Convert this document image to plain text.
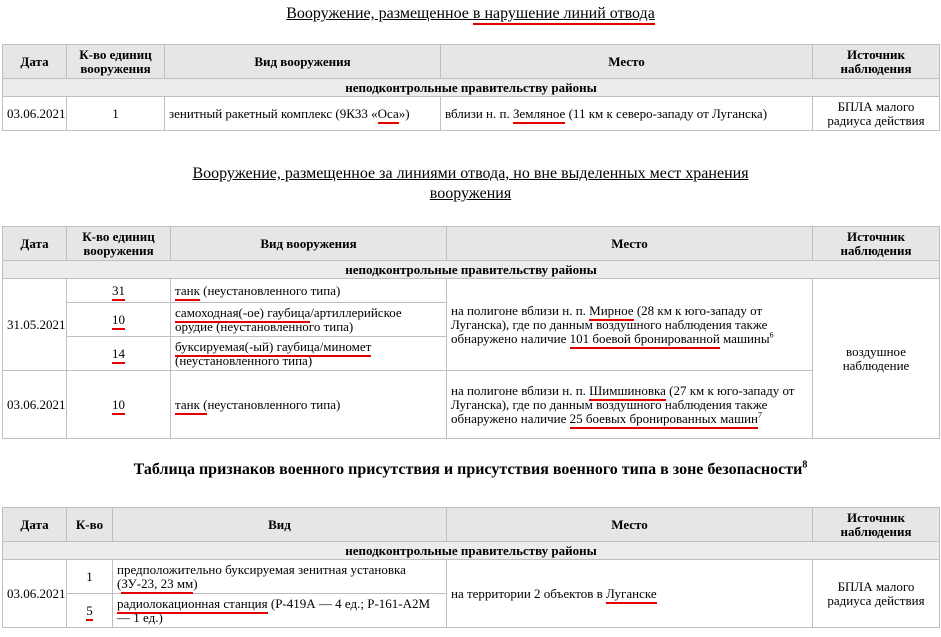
Вооружение, размещенное в нарушение линий отвода
Дата	К-во единиц вооружения	Вид вооружения	Место	Источник наблюдения
неподконтрольные правительству районы				
03.06.2021	1	зенитный ракетный комплекс (9К33 «Оса»)	вблизи н. п. Земляное (11 км к северо-западу от Луганска)	БПЛА малого радиуса действия
Вооружение, размещенное за линиями отвода, но вне выделенных мест хранения
вооружения
Дата	К-во единиц вооружения	Вид вооружения	Место	Источник наблюдения
неподконтрольные правительству районы				
31.05.2021	31	танк (неустановленного типа)	на полигоне вблизи н. п. Мирное (28 км к юго-западу от Луганска), где по данным воздушного наблюдения также обнаружено наличие 101 боевой бронированной машины$^6$	воздушное наблюдение
	10	самоходная(-ое) гаубица/артиллерийское орудие (неустановленного типа)		
	14	буксируемая(-ый) гаубица/миномет (неустановленного типа)		
03.06.2021	10	танк (неустановленного типа)	на полигоне вблизи н. п. Шимшиновка (27 км к юго-западу от Луганска), где по данным воздушного наблюдения также обнаружено наличие 25 боевых бронированных машин$^7$
Таблица признаков военного присутствия и присутствия военного типа в зоне безопасности$^8$
Дата	К-во	Вид	Место	Источник наблюдения
неподконтрольные правительству районы				
03.06.2021	1	предположительно буксируемая зенитная установка (ЗУ-23, 23 мм)	на территории 2 объектов в Луганске	БПЛА малого радиуса действия
	5	радиолокационная станция (Р-419А — 4 ед.; Р-161-А2М — 1 ед.)		
